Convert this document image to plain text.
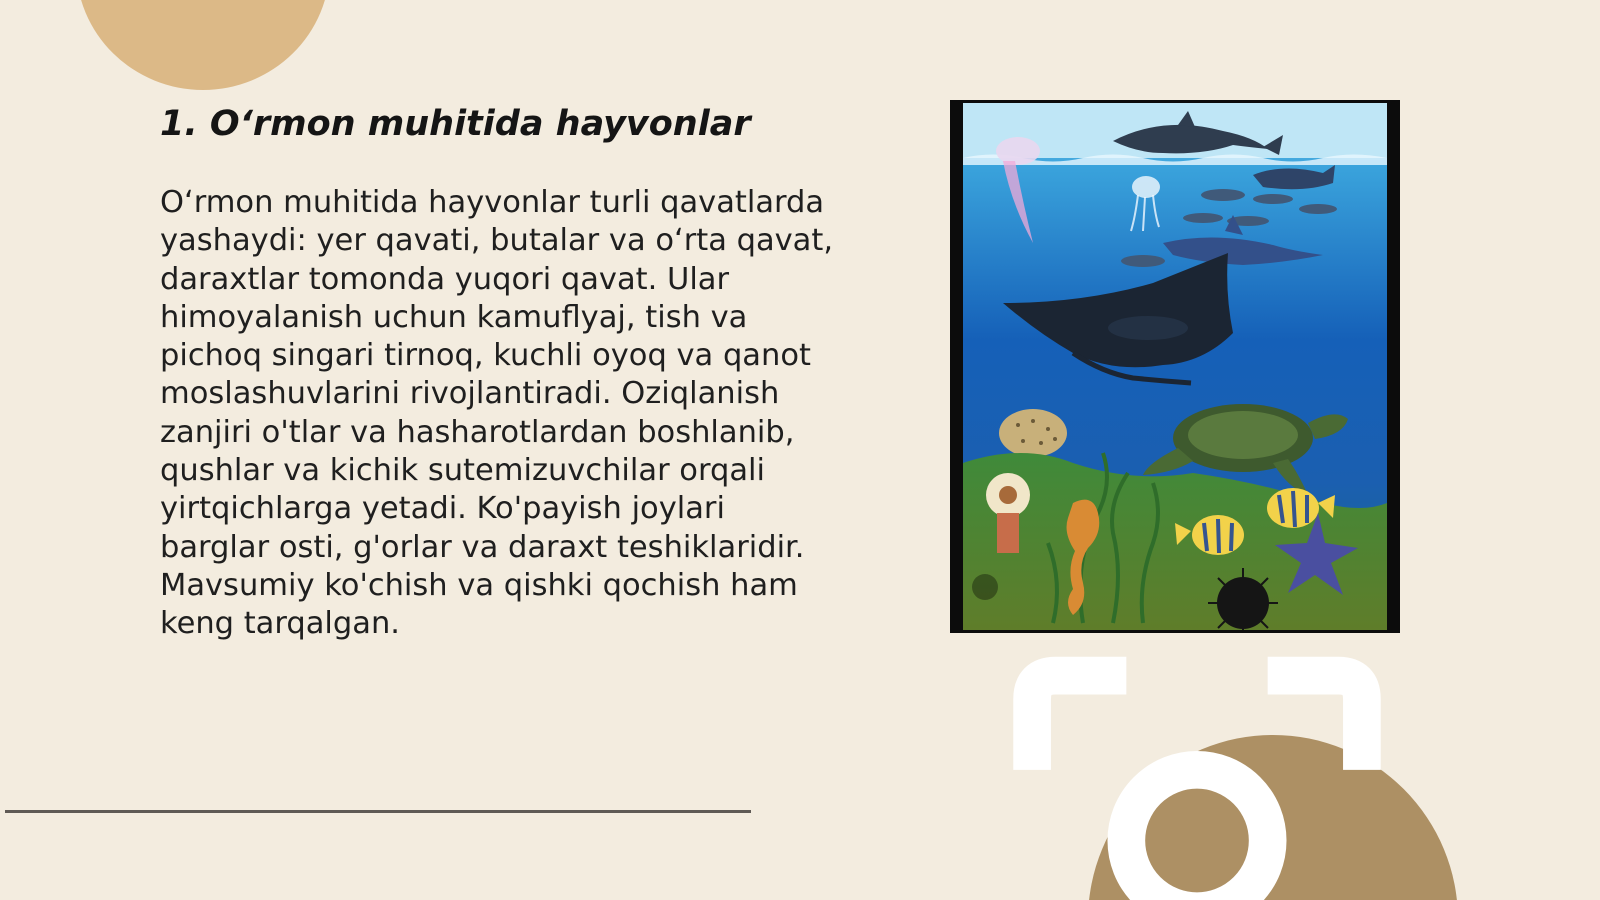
1. O‘rmon muhitida hayvonlar

O‘rmon muhitida hayvonlar turli qavatlarda yashaydi: yer qavati, butalar va o‘rta qavat, daraxtlar tomonda yuqori qavat. Ular himoyalanish uchun kamuflyaj, tish va pichoq singari tirnoq, kuchli oyoq va qanot moslashuvlarini rivojlantiradi. Oziqlanish zanjiri o'tlar va hasharotlardan boshlanib, qushlar va kichik sutemizuvchilar orqali yirtqichlarga yetadi. Ko'payish joylari barglar osti, g'orlar va daraxt teshiklaridir. Mavsumiy ko'chish va qishki qochish ham keng tarqalgan.
